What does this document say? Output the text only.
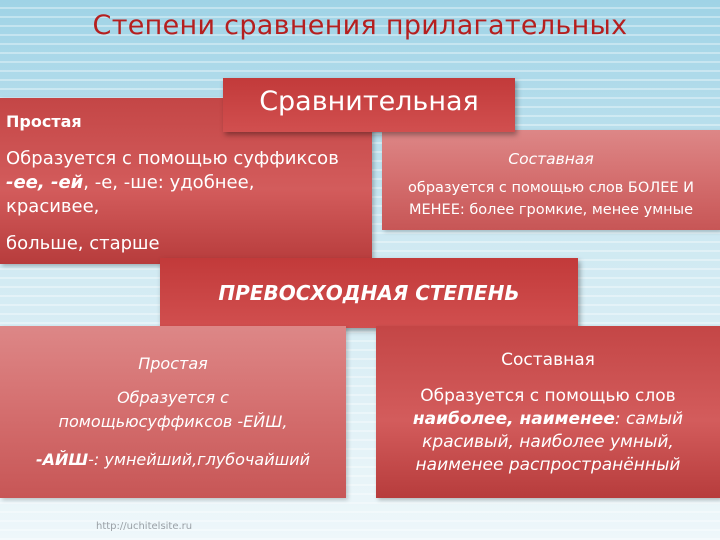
Степени сравнения прилагательных
Простая
Образуется с помощью суффиксов
-ее, -ей, -е, -ше: удобнее,
красивее,
больше, старше
Составная
образуется с помощью слов БОЛЕЕ И
МЕНЕЕ: более громкие, менее умные
Сравнительная
ПРЕВОСХОДНАЯ СТЕПЕНЬ
Простая
Образуется с
помощьюсуффиксов -ЕЙШ,
-АЙШ-: умнейший,глубочайший
Составная
Образуется с помощью слов
наиболее, наименее: самый
красивый, наиболее умный,
наименее распространённый
http://uchitelsite.ru
